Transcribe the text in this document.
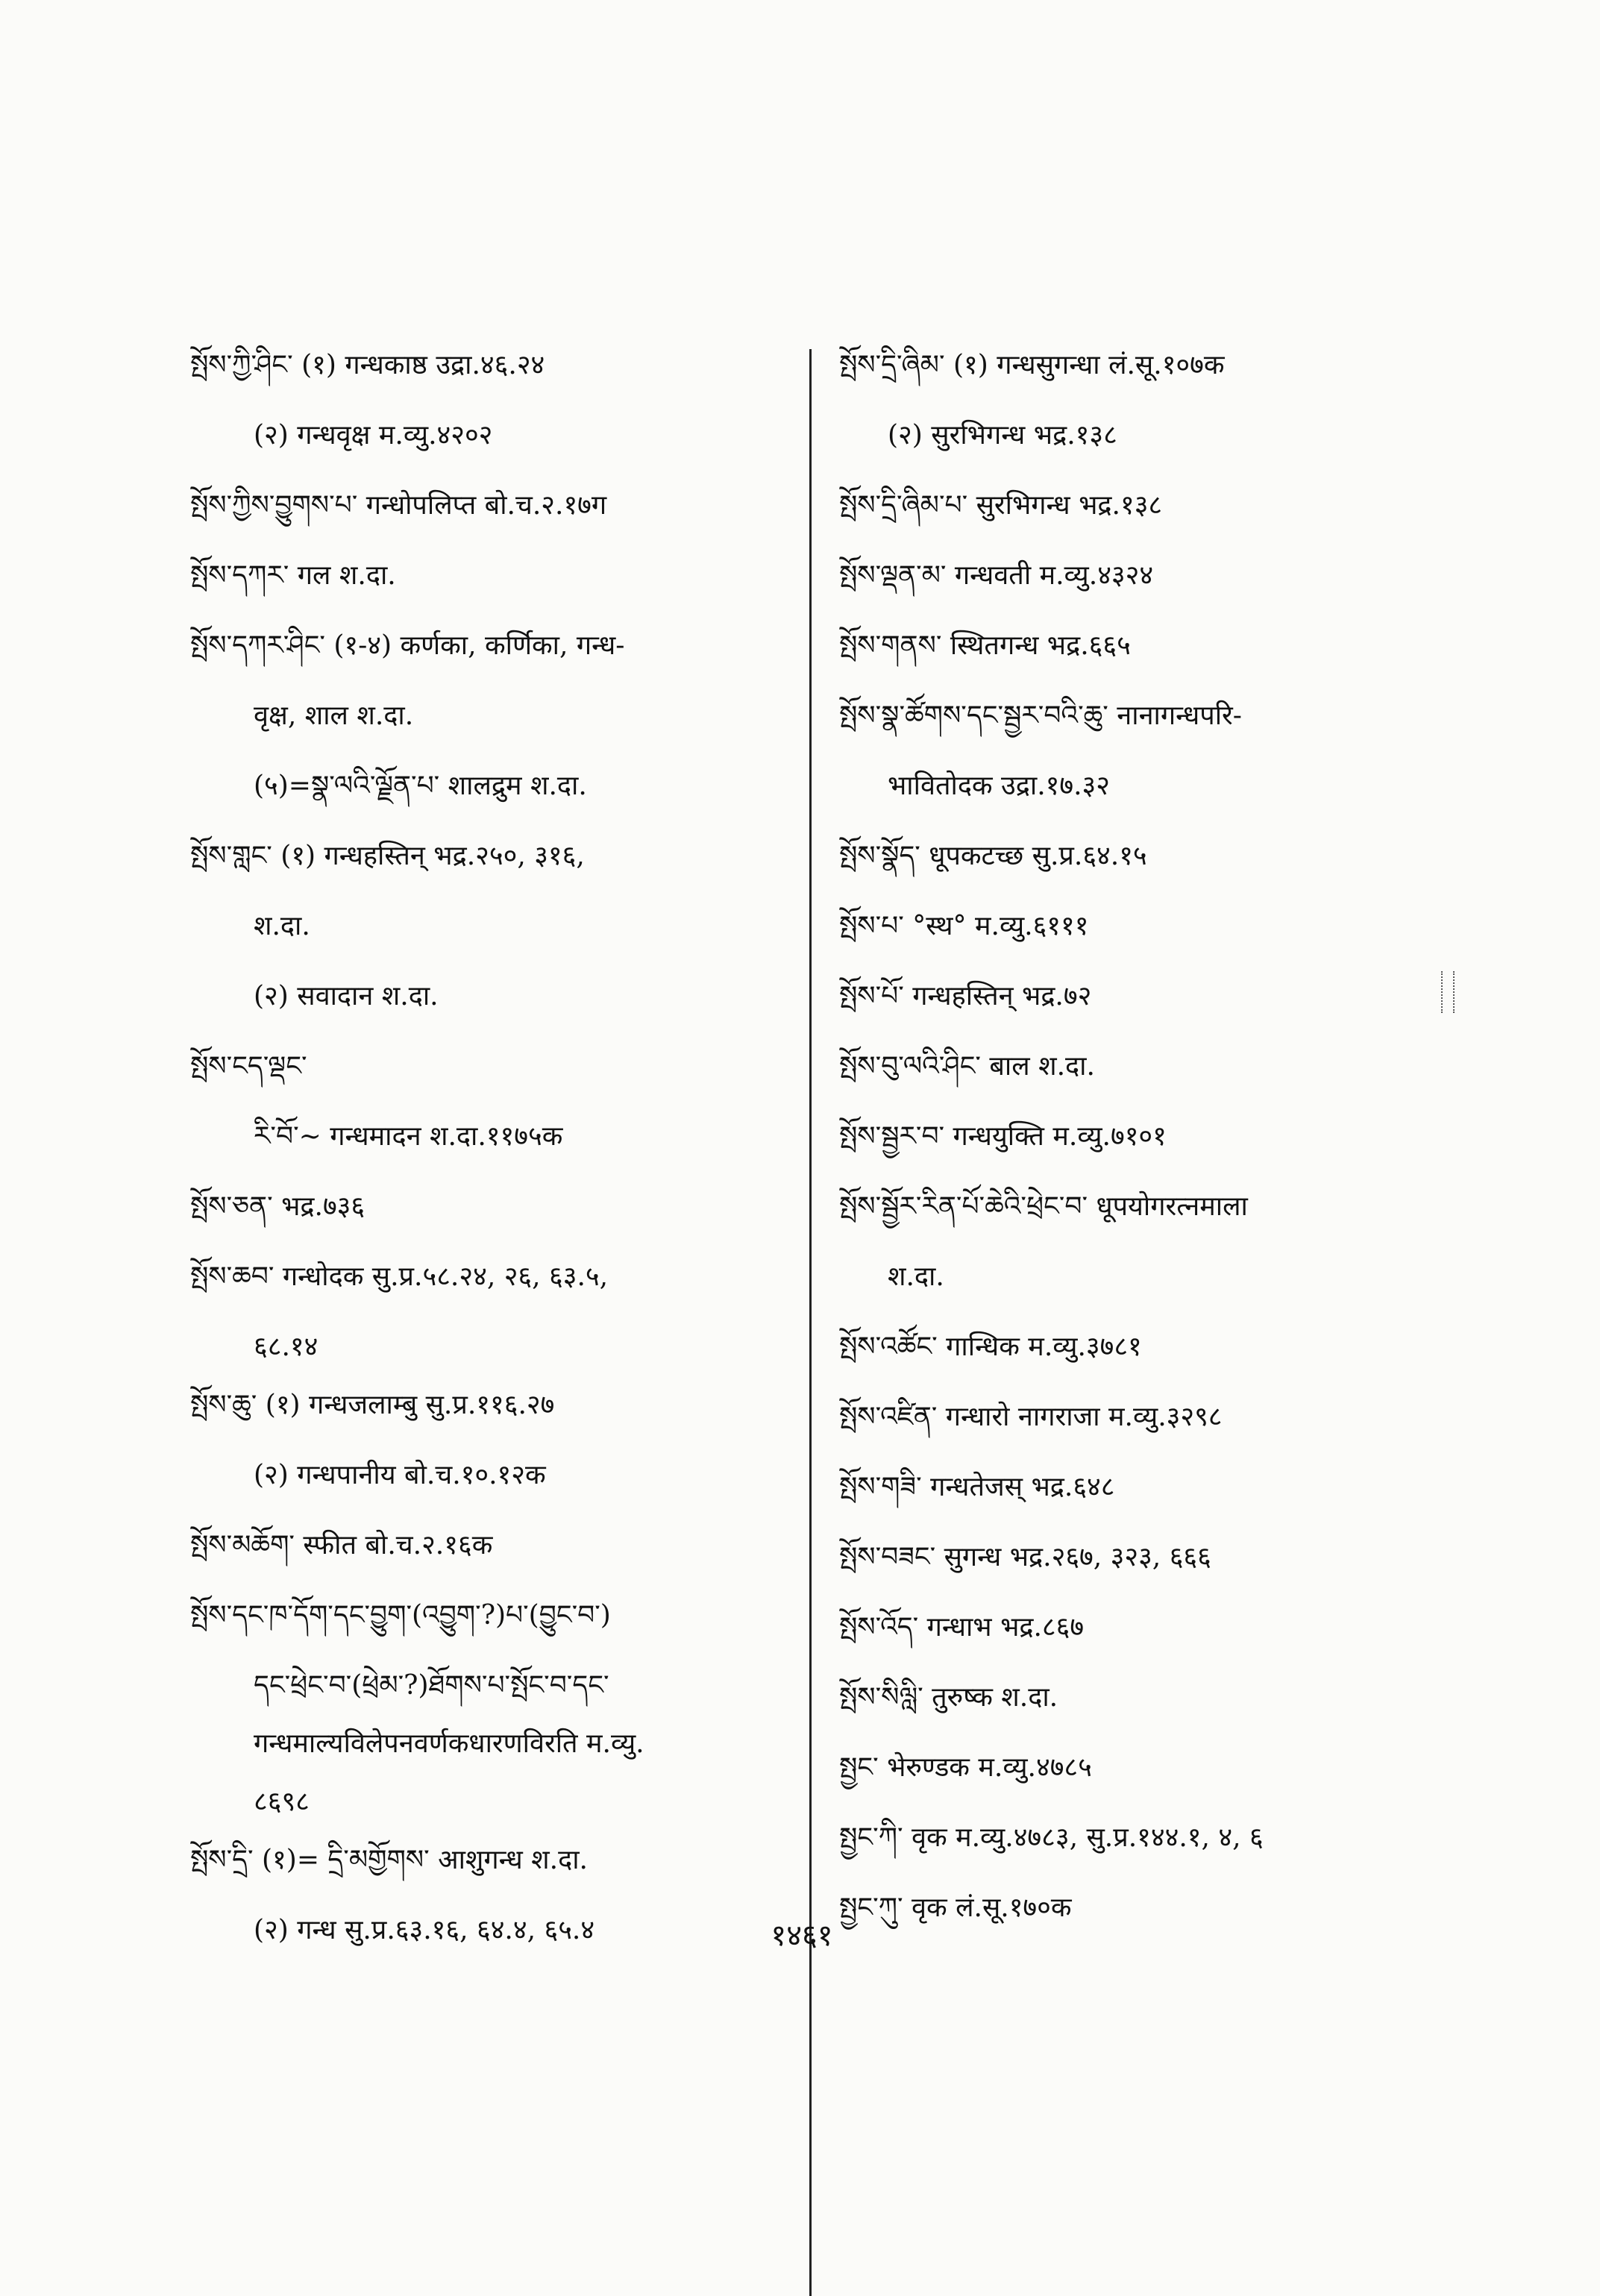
སྤོས་ཀྱི་ཤིང་ (१) गन्धकाष्ठ उद्रा.४६.२४
(२) गन्धवृक्ष म.व्यु.४२०२
སྤོས་ཀྱིས་བྱུགས་པ་ गन्धोपलिप्त बो.च.२.१७ग
སྤོས་དཀར་ गल श.दा.
སྤོས་དཀར་ཤིང་ (१-४) कर्णका, कर्णिका, गन्ध-
वृक्ष, शाल श.दा.
(५)=སྣ་ལའི་ལྗོན་པ་ शालद्रुम श.दा.
སྤོས་གླང་ (१) गन्धहस्तिन् भद्र.२५०, ३१६,
श.दा.
(२) सवादान श.दा.
སྤོས་ངད་ལྡང་
རི་བོ་~ गन्धमादन श.दा.११७५क
སྤོས་ཅན་ भद्र.७३६
སྤོས་ཆབ་ गन्धोदक सु.प्र.५८.२४, २६, ६३.५,
६८.१४
སྤོས་ཆུ་ (१) गन्धजलाम्बु सु.प्र.११६.२७
(२) गन्धपानीय बो.च.१०.१२क
སྤོས་མཆོག་ स्फीत बो.च.२.१६क
སྤོས་དང་ཁ་དོག་དང་བྱུག་(འབྱུག་?)པ་(བྱུང་བ་)
དང་ཕྲེང་བ་(ཕྲེམ་?)ཐོགས་པ་སྤོང་བ་དང་
गन्धमाल्यविलेपनवर्णकधारणविरति म.व्यु.
८६९८
སྤོས་དྲི་ (१)= དྲི་མགྱོགས་ आशुगन्ध श.दा.
(२) गन्ध सु.प्र.६३.१६, ६४.४, ६५.४
སྤོས་དྲི་ཞིམ་ (१) गन्धसुगन्धा लं.सू.१०७क
(२) सुरभिगन्ध भद्र.१३८
སྤོས་དྲི་ཞིམ་པ་ सुरभिगन्ध भद्र.१३८
སྤོས་ལྡན་མ་ गन्धवती म.व्यु.४३२४
སྤོས་གནས་ स्थितगन्ध भद्र.६६५
སྤོས་སྣ་ཚོགས་དང་སྦྱར་བའི་ཆུ་ नानागन्धपरि-
भावितोदक उद्रा.१७.३२
སྤོས་སྣོད་ धूपकटच्छ सु.प्र.६४.१५
སྤོས་པ་ °स्थ° म.व्यु.६१११
སྤོས་པོ་ गन्धहस्तिन् भद्र.७२
སྤོས་བུ་ལའི་ཤིང་ बाल श.दा.
སྤོས་སྦྱར་བ་ गन्धयुक्ति म.व्यु.७१०१
སྤོས་སྦྱོར་རིན་པོ་ཆེའི་ཕྲེང་བ་ धूपयोगरत्नमाला
श.दा.
སྤོས་འཚོང་ गान्धिक म.व्यु.३७८१
སྤོས་འཛིན་ गन्धारो नागराजा म.व्यु.३२९८
སྤོས་གཟི་ गन्धतेजस् भद्र.६४८
སྤོས་བཟང་ सुगन्ध भद्र.२६७, ३२३, ६६६
སྤོས་འོད་ गन्धाभ भद्र.८६७
སྤོས་སིལླི་ तुरुष्क श.दा.
སྤྱང་ भेरुण्डक म.व्यु.४७८५
སྤྱང་ཀི་ वृक म.व्यु.४७८३, सु.प्र.१४४.१, ४, ६
སྤྱང་ཀུ་ वृक लं.सू.१७०क
१४६१
